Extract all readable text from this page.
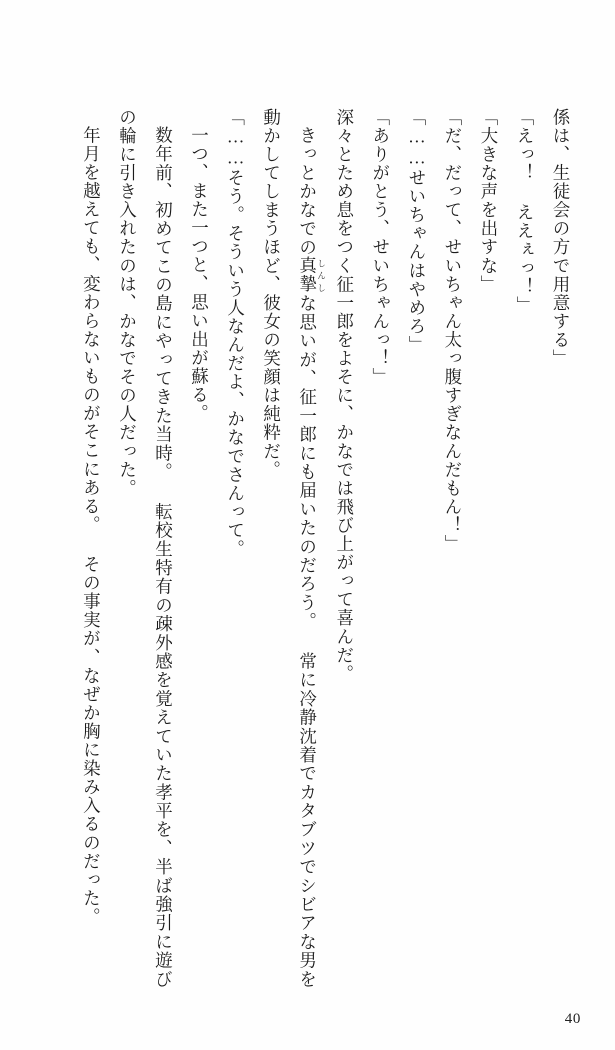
係は、生徒会の方で用意する」

「えっ！ ええぇっ！」

「大きな声を出すな」

「だ、だって、せいちゃん太っ腹すぎなんだもん！」

「……せいちゃんはやめろ」

「ありがとう、せいちゃんっ！」

深々とため息をつく征一郎をよそに、かなでは飛び上がって喜んだ。

きっとかなでの真摯 しんしな思いが、征一郎にも届いたのだろう。 常に冷静沈着でカタブツでシビアな男を動かしてしまうほど、彼女の笑顔は純粋だ。

「……そう。そういう人なんだよ、かなでさんって。

一つ、また一つと、思い出が蘇る。

数年前、初めてこの島にやってきた当時。 転校生特有の疎外感を覚えていた孝平を、半ば強引に遊びの輪に引き入れたのは、かなでその人だった。

年月を越えても、変わらないものがそこにある。 その事実が、なぜか胸に染み入るのだった。

40
